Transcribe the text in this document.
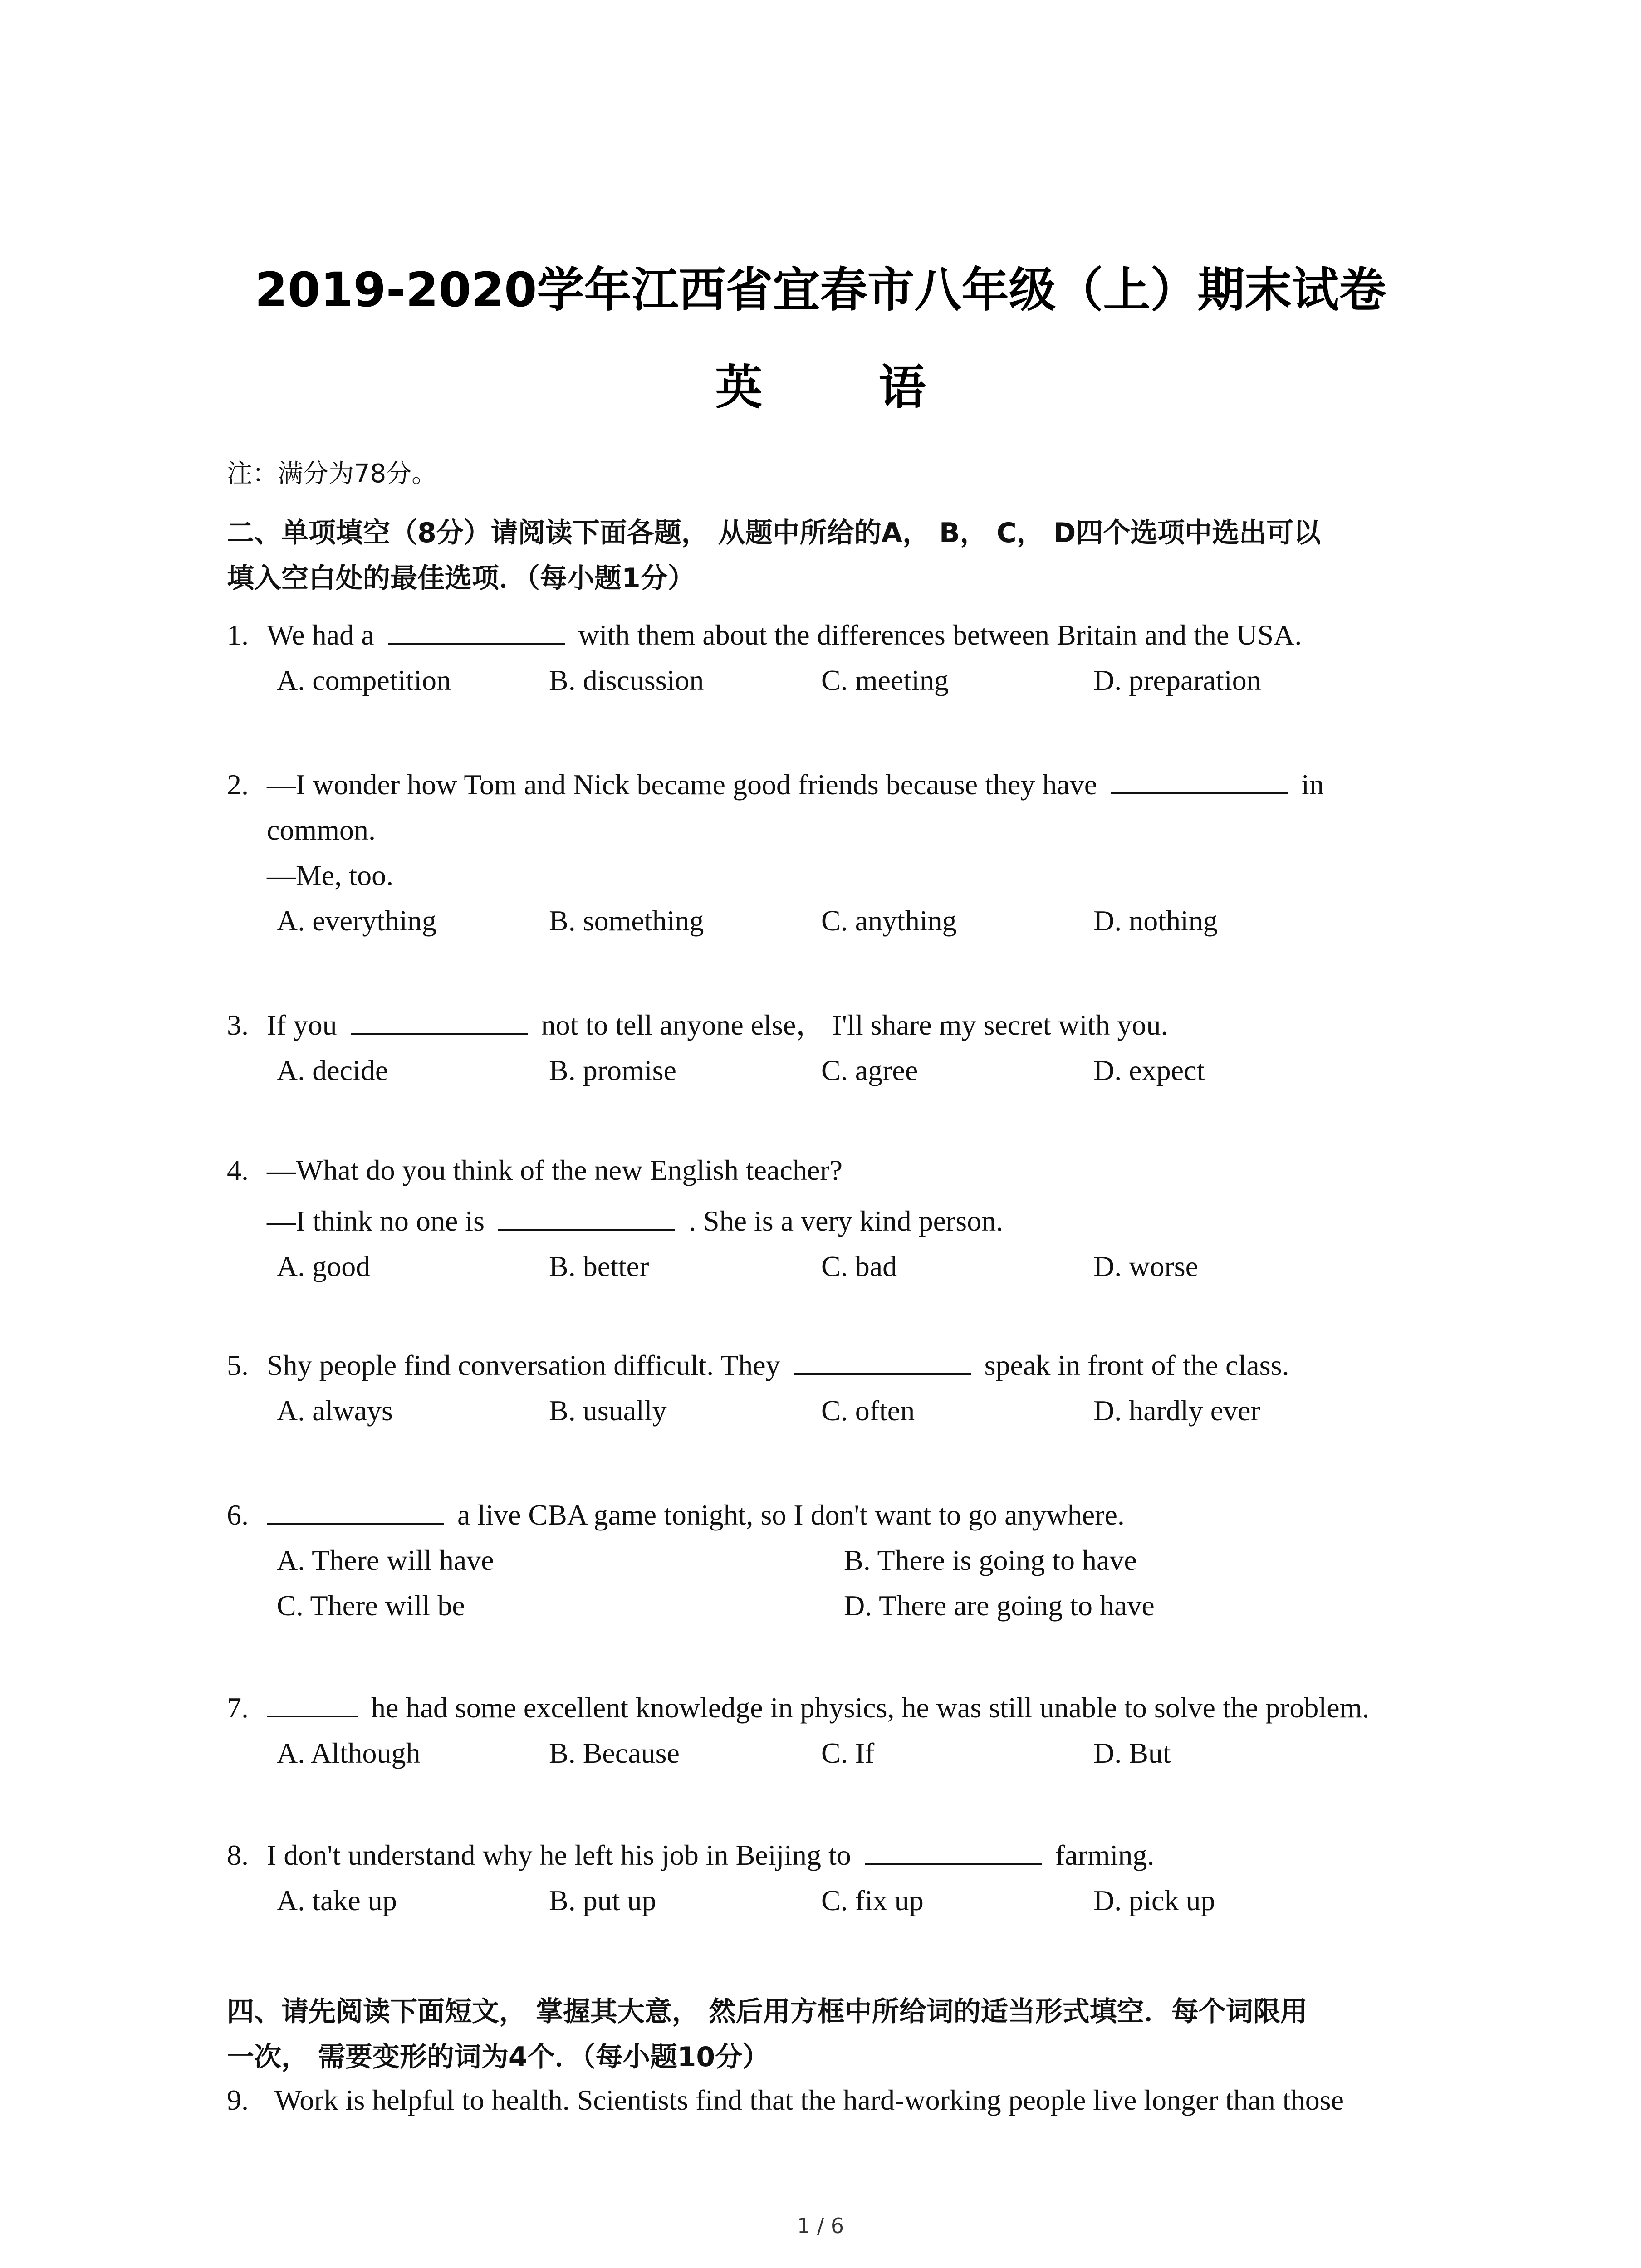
2019-2020学年江西省宜春市八年级（上）期末试卷
英 语
注：满分为78分。
二、单项填空（8分）请阅读下面各题， 从题中所给的A， B， C， D四个选项中选出可以
填入空白处的最佳选项．（每小题1分）
1. We had a	with them about the differences between Britain and the USA.
A. competition	B. discussion	C. meeting	D. preparation
2. —I wonder how Tom and Nick became good friends because they have	in
common.
—Me, too.
A. everything	B. something	C. anything	D. nothing
3. If you	not to tell anyone else， I'll share my secret with you.
A. decide	B. promise	C. agree	D. expect
4. —What do you think of the new English teacher?
—I think no one is	. She is a very kind person.
A. good	B. better	C. bad	D. worse
5. Shy people find conversation difficult. They	speak in front of the class.
A. always	B. usually	C. often	D. hardly ever
6.	a live CBA game tonight, so I don't want to go anywhere.
A. There will have	B. There is going to have
C. There will be	D. There are going to have
7.	he had some excellent knowledge in physics, he was still unable to solve the problem.
A. Although	B. Because	C. If	D. But
8. I don't understand why he left his job in Beijing to	farming.
A. take up	B. put up	C. fix up	D. pick up
四、请先阅读下面短文， 掌握其大意， 然后用方框中所给词的适当形式填空．每个词限用
一次， 需要变形的词为4个．（每小题10分）
9. Work is helpful to health. Scientists find that the hard-working people live longer than those
1 / 6
